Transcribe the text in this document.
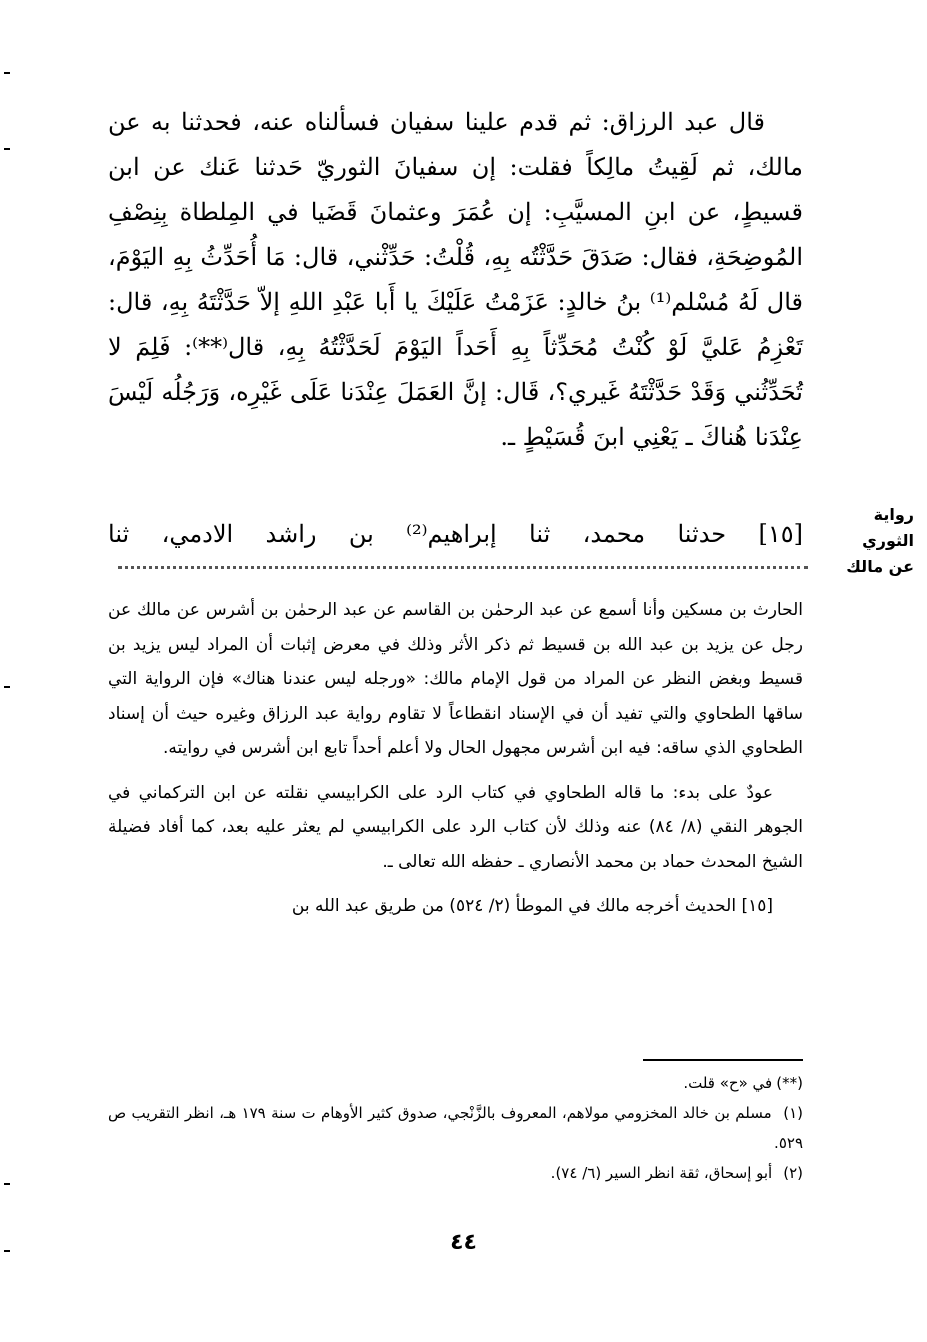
قال عبد الرزاق: ثم قدم علينا سفيان فسألناه عنه، فحدثنا به عن مالك، ثم لَقِيتُ مالِكاً فقلت: إن سفيانَ الثوريّ حَدثنا عَنك عن ابن قسيطٍ، عن ابنِ المسيَّبِ: إن عُمَرَ وعثمانَ قَضَيا في المِلطاة بِنِصْفِ المُوضِحَةِ، فقال: صَدَقَ حَدَّثْتُه بِهِ، قُلْتُ: حَدِّثْني، قال: مَا أُحَدِّثُ بِهِ اليَوْمَ، قال لَهُ مُسْلم⁽¹⁾ بنُ خالدٍ: عَزَمْتُ عَلَيْكَ يا أَبا عَبْدِ اللهِ إلاّ حَدَّثْتَهُ بِهِ، قال: تَعْزِمُ عَليَّ لَوْ كُنْتُ مُحَدِّثاً بِهِ أَحَداً اليَوْمَ لَحَدَّثْتُهُ بِهِ، قال⁽**⁾: فَلِمَ لا تُحَدِّثُني وَقَدْ حَدَّثْتَهُ غَيري؟، قَال: إنَّ العَمَلَ عِنْدَنا عَلَى غَيْرِه، وَرَجُلُه لَيْسَ عِنْدَنا هُناكَ ـ يَعْنِي ابنَ قُسَيْطٍ ـ.

رواية الثوري
عن مالك
[١٥] حدثنا محمد، ثنا إبراهيم⁽²⁾ بن راشد الادمي، ثنا

الحارث بن مسكين وأنا أسمع عن عبد الرحمٰن بن القاسم عن عبد الرحمٰن بن أشرس عن مالك عن رجل عن يزيد بن عبد الله بن قسيط ثم ذكر الأثر وذلك في معرض إثبات أن المراد ليس يزيد بن قسيط وبغض النظر عن المراد من قول الإمام مالك: «ورجله ليس عندنا هناك» فإن الرواية التي ساقها الطحاوي والتي تفيد أن في الإسناد انقطاعاً لا تقاوم رواية عبد الرزاق وغيره حيث أن إسناد الطحاوي الذي ساقه: فيه ابن أشرس مجهول الحال ولا أعلم أحداً تابع ابن أشرس في روايته.

عودٌ على بدء: ما قاله الطحاوي في كتاب الرد على الكرابيسي نقلته عن ابن التركماني في الجوهر النقي (٨/ ٨٤) عنه وذلك لأن كتاب الرد على الكرابيسي لم يعثر عليه بعد، كما أفاد فضيلة الشيخ المحدث حماد بن محمد الأنصاري ـ حفظه الله تعالى ـ.

[١٥] الحديث أخرجه مالك في الموطأ (٢/ ٥٢٤) من طريق عبد الله بن

(**) في «ح» قلت.

(١) مسلم بن خالد المخزومي مولاهم، المعروف بالزَّنْجي، صدوق كثير الأوهام ت سنة ١٧٩ هـ، انظر التقريب ص ٥٢٩.

(٢) أبو إسحاق، ثقة انظر السير (٦/ ٧٤).

٤٤
